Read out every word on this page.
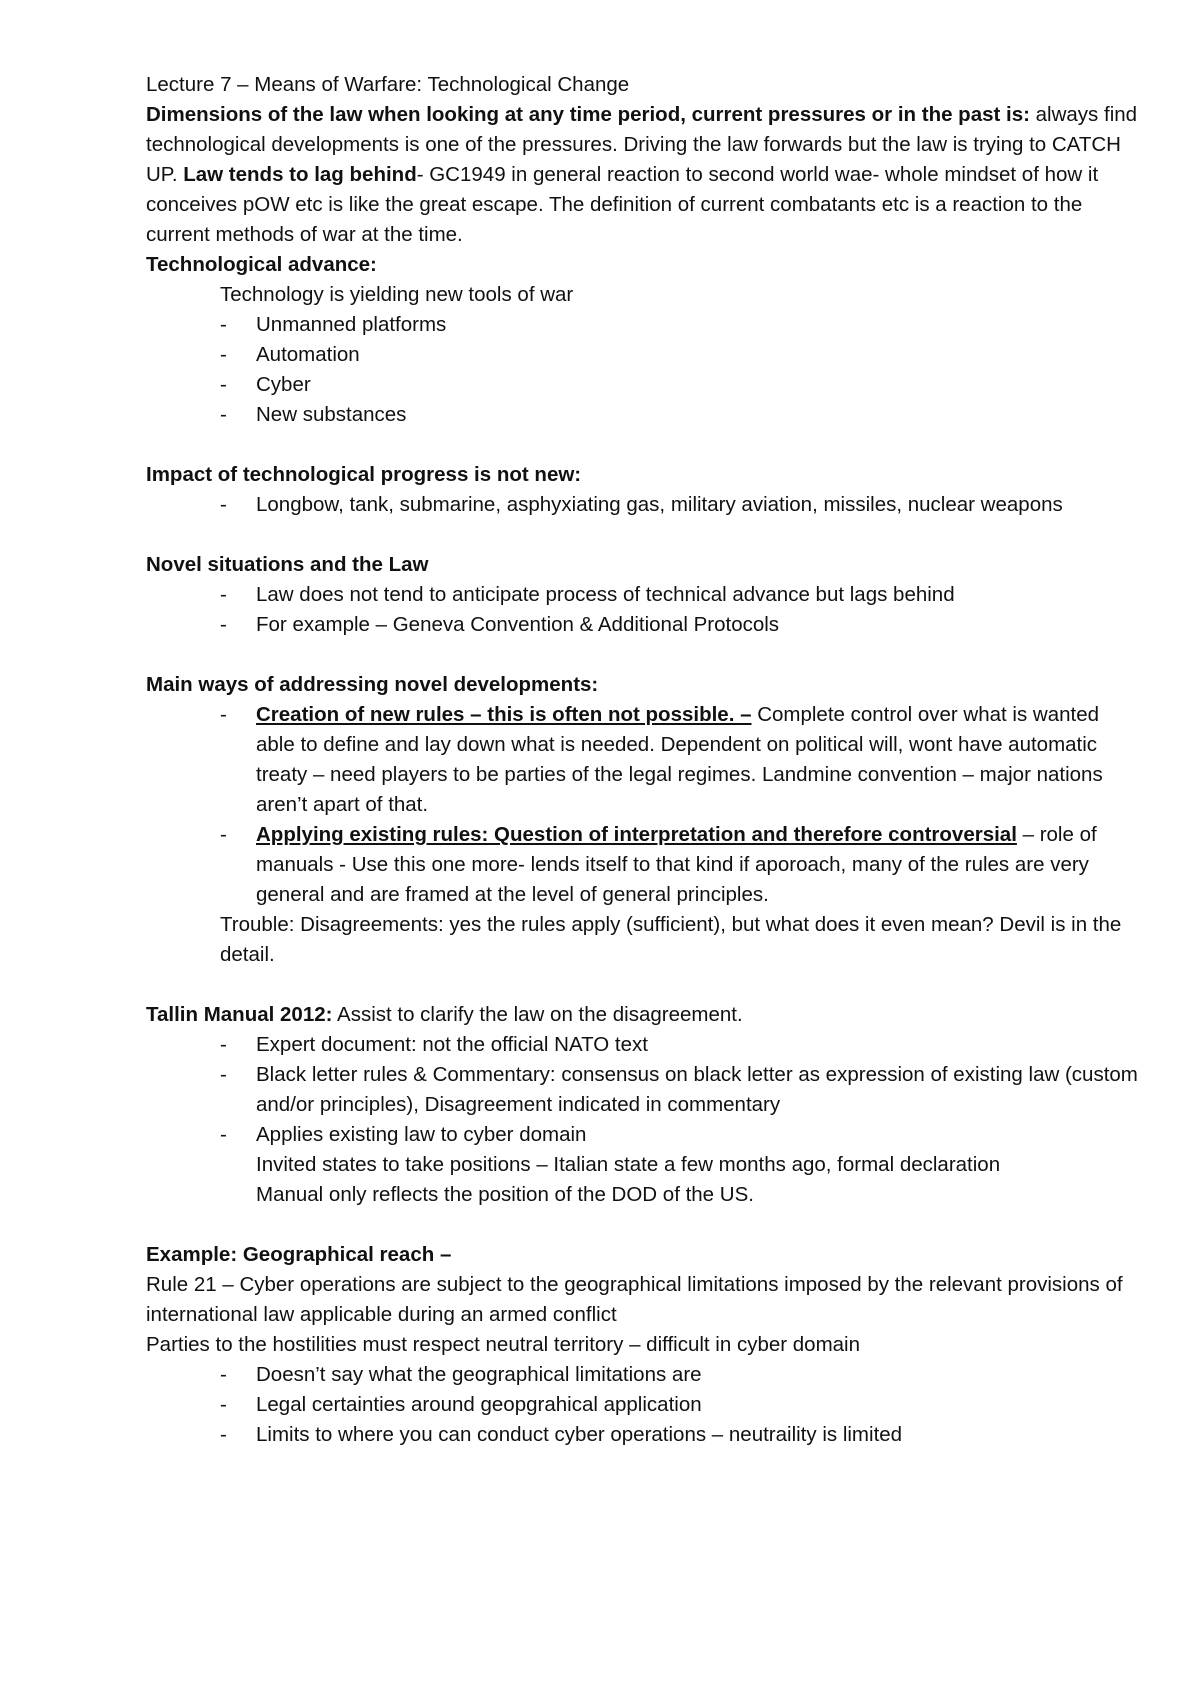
Lecture 7 – Means of Warfare: Technological Change

Dimensions of the law when looking at any time period, current pressures or in the past is: always find technological developments is one of the pressures. Driving the law forwards but the law is trying to CATCH UP. Law tends to lag behind- GC1949 in general reaction to second world wae- whole mindset of how it conceives pOW etc is like the great escape. The definition of current combatants etc is a reaction to the current methods of war at the time.

Technological advance:

Technology is yielding new tools of war

- Unmanned platforms
- Automation
- Cyber
- New substances

Impact of technological progress is not new:

- Longbow, tank, submarine, asphyxiating gas, military aviation, missiles, nuclear weapons

Novel situations and the Law

- Law does not tend to anticipate process of technical advance but lags behind
- For example – Geneva Convention & Additional Protocols

Main ways of addressing novel developments:

- Creation of new rules – this is often not possible. – Complete control over what is wanted able to define and lay down what is needed. Dependent on political will, wont have automatic treaty – need players to be parties of the legal regimes. Landmine convention – major nations aren’t apart of that.
- Applying existing rules: Question of interpretation and therefore controversial – role of manuals - Use this one more- lends itself to that kind if aporoach, many of the rules are very general and are framed at the level of general principles.

Trouble: Disagreements: yes the rules apply (sufficient), but what does it even mean? Devil is in the detail.

Tallin Manual 2012: Assist to clarify the law on the disagreement.

- Expert document: not the official NATO text
- Black letter rules & Commentary: consensus on black letter as expression of existing law (custom and/or principles), Disagreement indicated in commentary
- Applies existing law to cyber domain

Invited states to take positions – Italian state a few months ago, formal declaration

Manual only reflects the position of the DOD of the US.

Example: Geographical reach –

Rule 21 – Cyber operations are subject to the geographical limitations imposed by the relevant provisions of international law applicable during an armed conflict

Parties to the hostilities must respect neutral territory – difficult in cyber domain

- Doesn’t say what the geographical limitations are
- Legal certainties around geopgrahical application
- Limits to where you can conduct cyber operations – neutraility is limited
